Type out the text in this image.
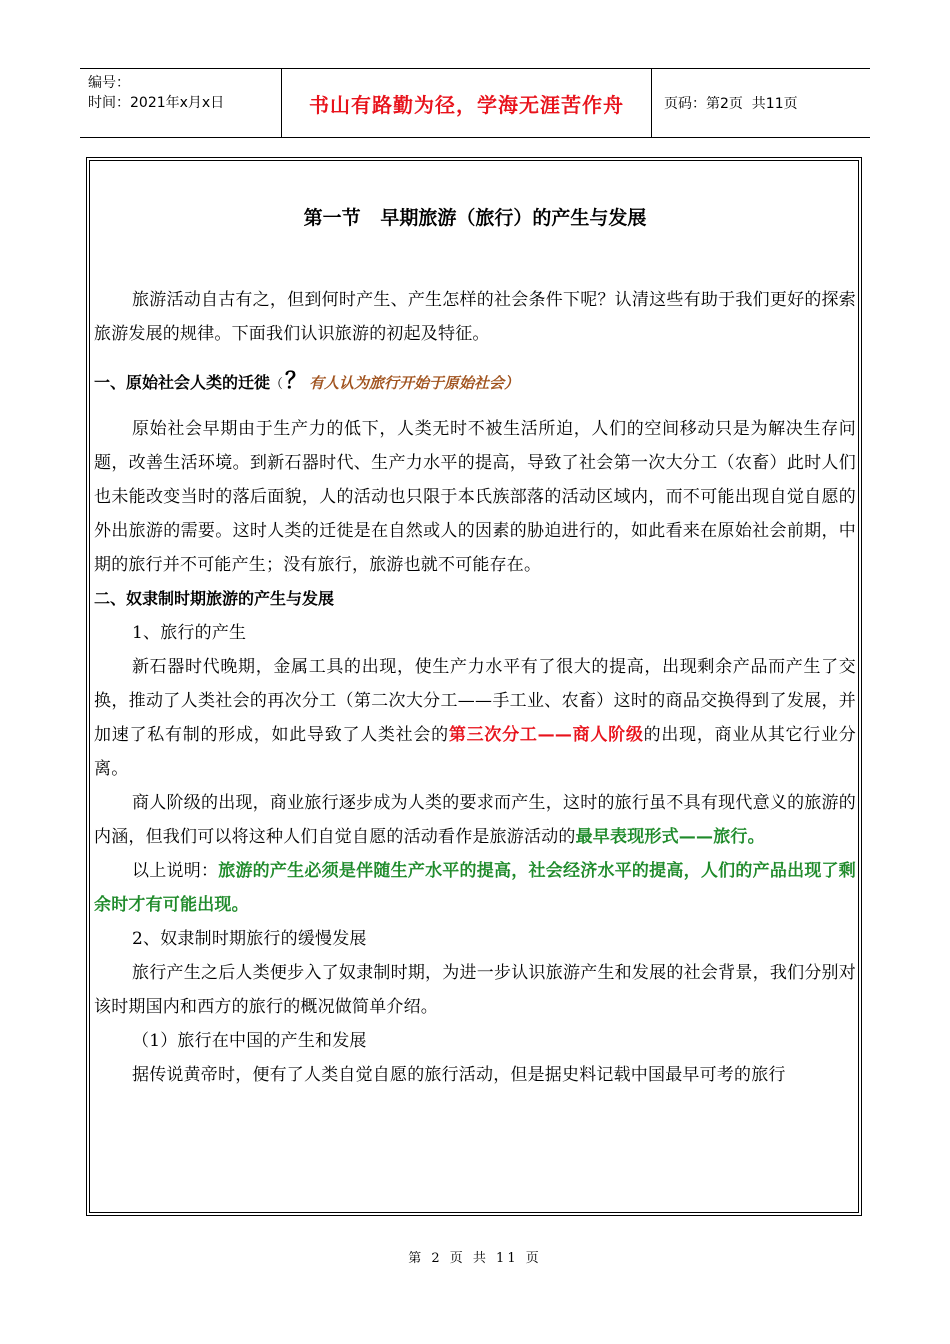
编号：
时间：2021年x月x日	书山有路勤为径，学海无涯苦作舟	页码：第2页  共11页
第一节   早期旅游（旅行）的产生与发展

旅游活动自古有之，但到何时产生、产生怎样的社会条件下呢？认清这些有助于我们更好的探索旅游发展的规律。下面我们认识旅游的初起及特征。

一、原始社会人类的迁徙（？ 有人认为旅行开始于原始社会）

原始社会早期由于生产力的低下，人类无时不被生活所迫，人们的空间移动只是为解决生存问题，改善生活环境。到新石器时代、生产力水平的提高，导致了社会第一次大分工（农畜）此时人们也未能改变当时的落后面貌，人的活动也只限于本氏族部落的活动区域内，而不可能出现自觉自愿的外出旅游的需要。这时人类的迁徙是在自然或人的因素的胁迫进行的，如此看来在原始社会前期，中期的旅行并不可能产生；没有旅行，旅游也就不可能存在。

二、奴隶制时期旅游的产生与发展

1、旅行的产生

新石器时代晚期，金属工具的出现，使生产力水平有了很大的提高，出现剩余产品而产生了交换，推动了人类社会的再次分工（第二次大分工——手工业、农畜）这时的商品交换得到了发展，并加速了私有制的形成，如此导致了人类社会的第三次分工——商人阶级的出现，商业从其它行业分离。

商人阶级的出现，商业旅行逐步成为人类的要求而产生，这时的旅行虽不具有现代意义的旅游的内涵，但我们可以将这种人们自觉自愿的活动看作是旅游活动的最早表现形式——旅行。

以上说明：旅游的产生必须是伴随生产水平的提高，社会经济水平的提高，人们的产品出现了剩余时才有可能出现。

2、奴隶制时期旅行的缓慢发展

旅行产生之后人类便步入了奴隶制时期，为进一步认识旅游产生和发展的社会背景，我们分别对该时期国内和西方的旅行的概况做简单介绍。

（1）旅行在中国的产生和发展

据传说黄帝时，便有了人类自觉自愿的旅行活动，但是据史料记载中国最早可考的旅行

第 2 页 共 11 页
